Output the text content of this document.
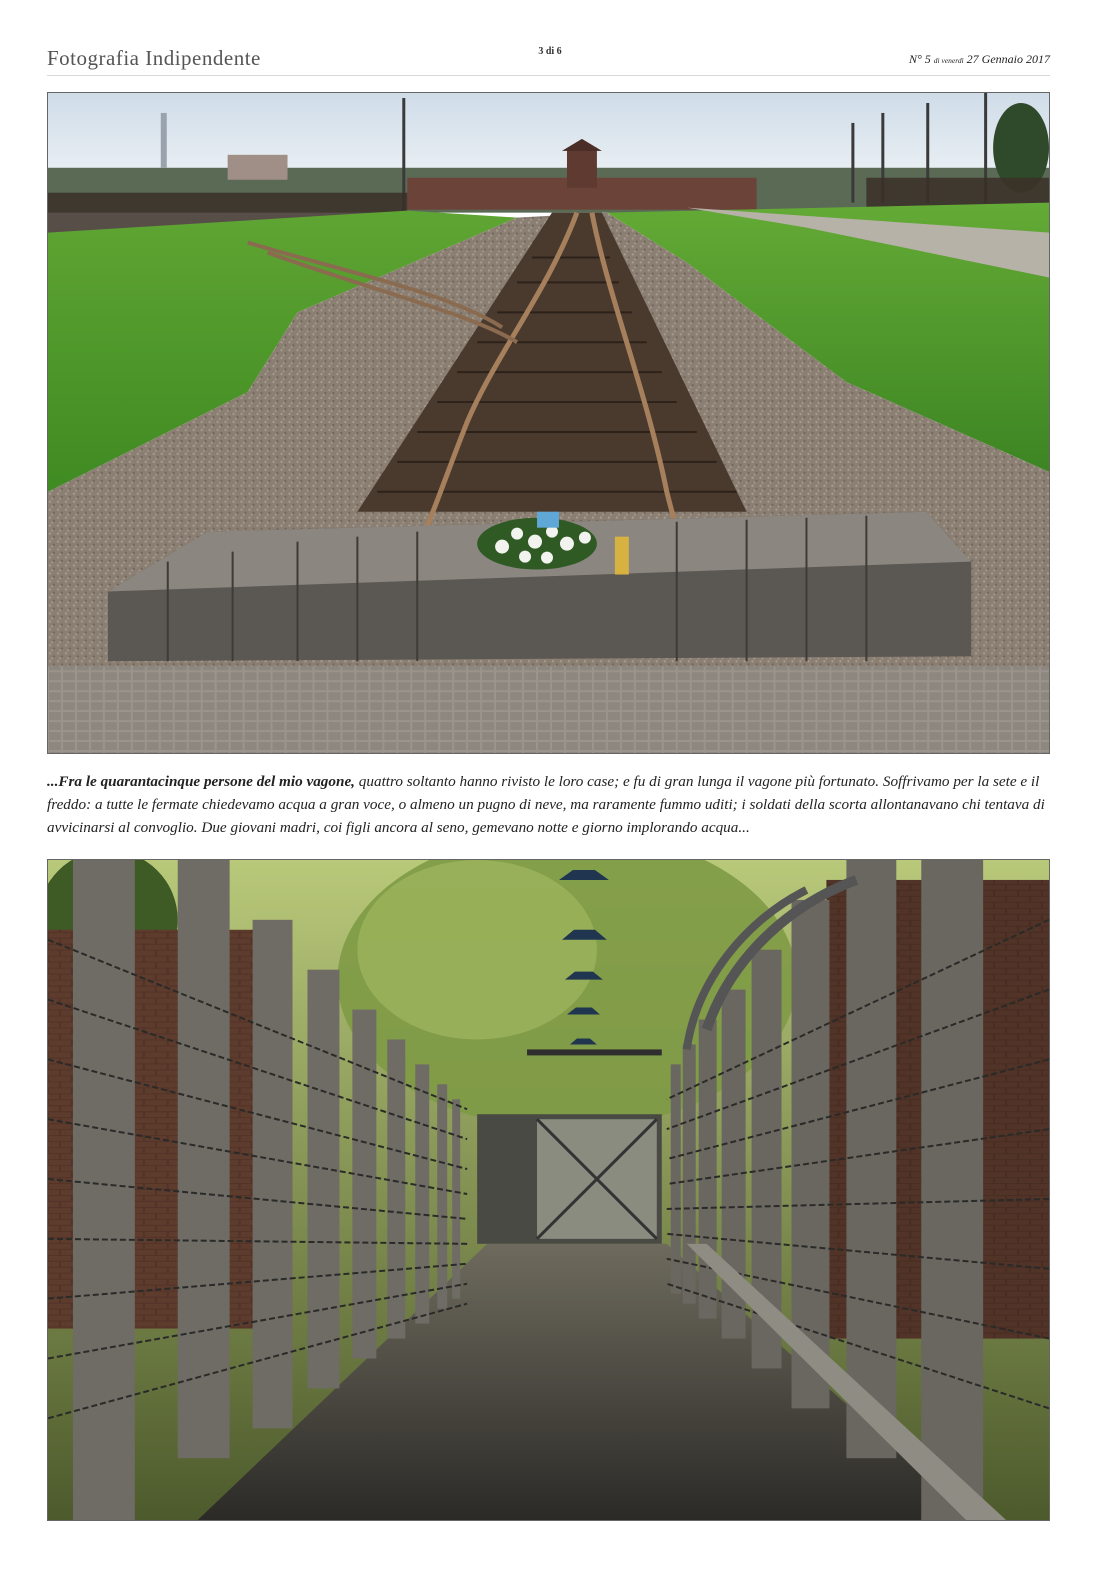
Fotografia Indipendente	3 di 6
N° 5 di venerdì 27 Gennaio 2017
...Fra le quarantacinque persone del mio vagone, quattro soltanto hanno rivisto le loro case; e fu di gran lunga il vagone più fortunato. Soffrivamo per la sete e il freddo: a tutte le fermate chiedevamo acqua a gran voce, o almeno un pugno di neve, ma raramente fummo uditi; i soldati della scorta allontanavano chi tentava di avvicinarsi al convoglio. Due giovani madri, coi figli ancora al seno, gemevano notte e giorno implorando acqua...
